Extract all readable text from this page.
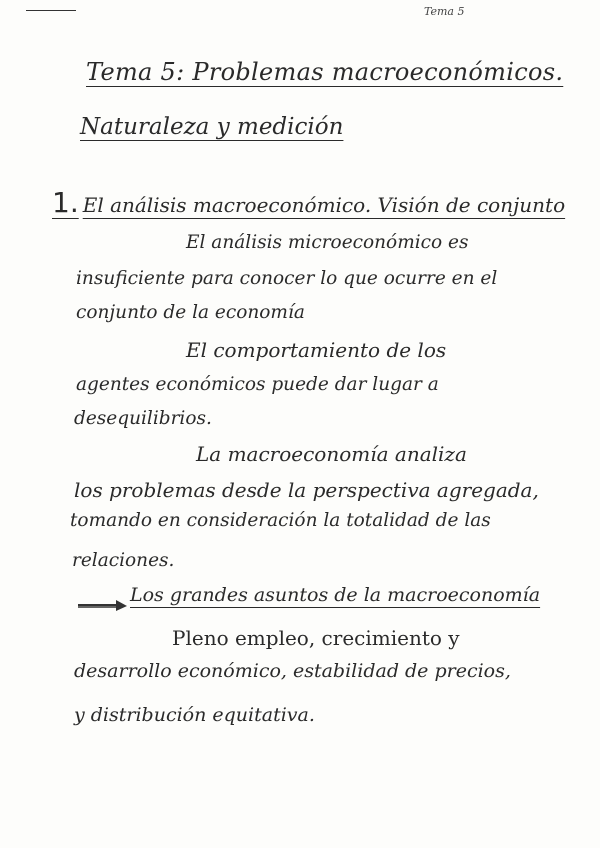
Tema 5
Tema 5: Problemas macroeconómicos.
Naturaleza y medición
1. El análisis macroeconómico. Visión de conjunto
El análisis microeconómico es
insuficiente para conocer lo que ocurre en el
conjunto de la economía
El comportamiento de los
agentes económicos puede dar lugar a
desequilibrios.
La macroeconomía analiza
los problemas desde la perspectiva agregada,
tomando en consideración la totalidad de las
relaciones.
Los grandes asuntos de la macroeconomía
Pleno empleo, crecimiento y
desarrollo económico, estabilidad de precios,
y distribución equitativa.
